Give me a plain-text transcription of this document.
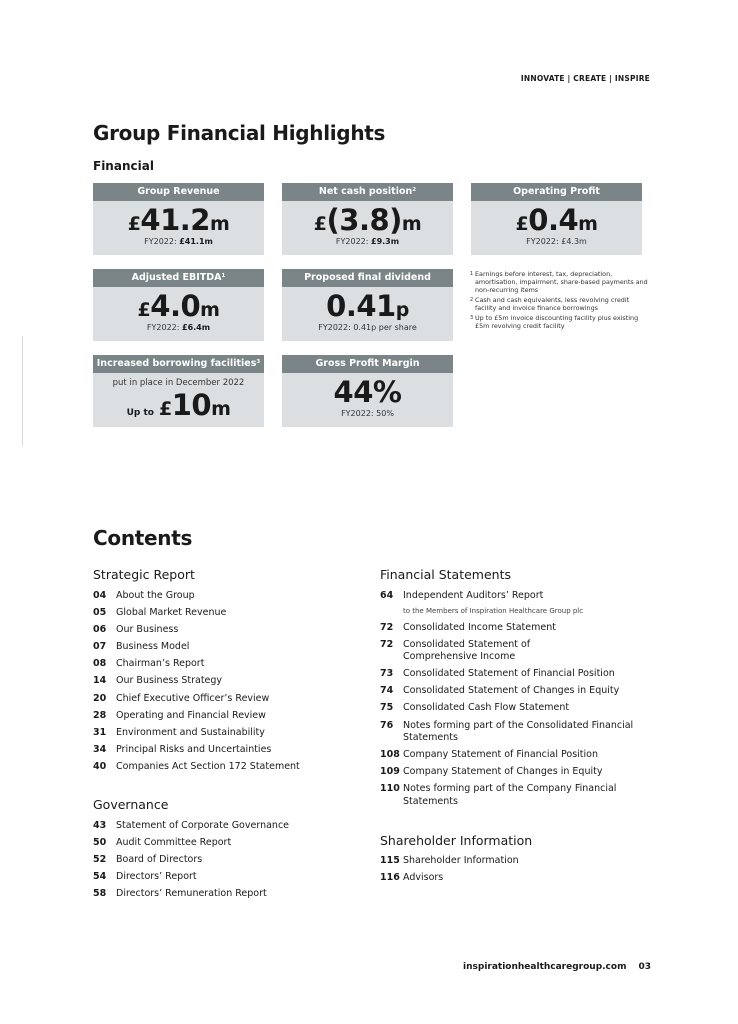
INNOVATE | CREATE | INSPIRE
Group Financial Highlights
Financial
Group Revenue
£41.2m
FY2022: £41.1m
Net cash position$^2$
£(3.8)m
FY2022: £9.3m
Operating Profit
£0.4m
FY2022: £4.3m
Adjusted EBITDA$^1$
£4.0m
FY2022: £6.4m
Proposed final dividend
0.41p
FY2022: 0.41p per share
1 Earnings before interest, tax, depreciation, amortisation, impairment, share-based payments and non-recurring items
2 Cash and cash equivalents, less revolving credit facility and invoice finance borrowings
3 Up to £5m invoice discounting facility plus existing £5m revolving credit facility
Increased borrowing facilities$^3$
put in place in December 2022
Up to £10m
Gross Profit Margin
44%
FY2022: 50%
Contents
Strategic Report
04	About the Group
05	Global Market Revenue
06	Our Business
07	Business Model
08	Chairman’s Report
14	Our Business Strategy
20	Chief Executive Officer’s Review
28	Operating and Financial Review
31	Environment and Sustainability
34	Principal Risks and Uncertainties
40	Companies Act Section 172 Statement
Governance
43	Statement of Corporate Governance
50	Audit Committee Report
52	Board of Directors
54	Directors’ Report
58	Directors’ Remuneration Report
Financial Statements
64	Independent Auditors’ Report
to the Members of Inspiration Healthcare Group plc
72	Consolidated Income Statement
72	Consolidated Statement of Comprehensive Income
73	Consolidated Statement of Financial Position
74	Consolidated Statement of Changes in Equity
75	Consolidated Cash Flow Statement
76	Notes forming part of the Consolidated Financial Statements
108 Company Statement of Financial Position
109 Company Statement of Changes in Equity
110 Notes forming part of the Company Financial Statements
Shareholder Information
115 Shareholder Information
116 Advisors
inspirationhealthcaregroup.com 03
